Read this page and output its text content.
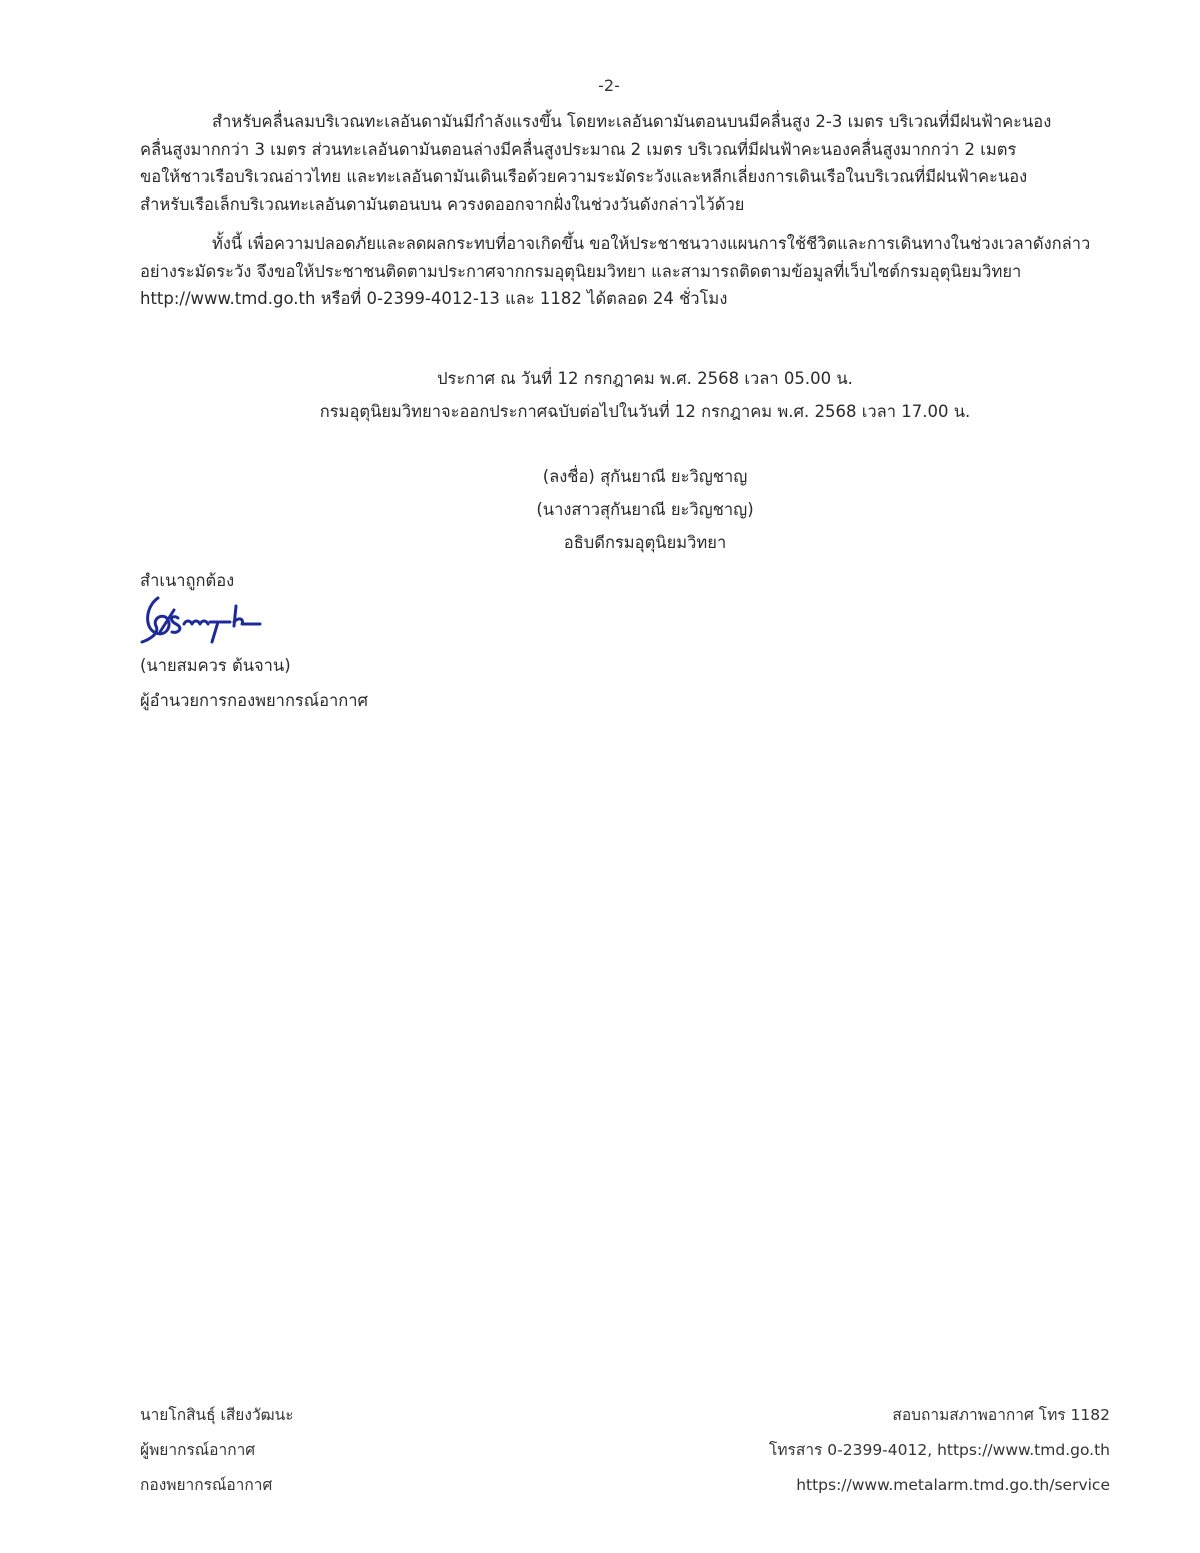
-2-
สำหรับคลื่นลมบริเวณทะเลอันดามันมีกำลังแรงขึ้น โดยทะเลอันดามันตอนบนมีคลื่นสูง 2-3 เมตร บริเวณที่มีฝนฟ้าคะนอง
คลื่นสูงมากกว่า 3 เมตร ส่วนทะเลอันดามันตอนล่างมีคลื่นสูงประมาณ 2 เมตร บริเวณที่มีฝนฟ้าคะนองคลื่นสูงมากกว่า 2 เมตร
ขอให้ชาวเรือบริเวณอ่าวไทย และทะเลอันดามันเดินเรือด้วยความระมัดระวังและหลีกเลี่ยงการเดินเรือในบริเวณที่มีฝนฟ้าคะนอง
สำหรับเรือเล็กบริเวณทะเลอันดามันตอนบน ควรงดออกจากฝั่งในช่วงวันดังกล่าวไว้ด้วย
ทั้งนี้ เพื่อความปลอดภัยและลดผลกระทบที่อาจเกิดขึ้น ขอให้ประชาชนวางแผนการใช้ชีวิตและการเดินทางในช่วงเวลาดังกล่าว
อย่างระมัดระวัง จึงขอให้ประชาชนติดตามประกาศจากกรมอุตุนิยมวิทยา และสามารถติดตามข้อมูลที่เว็บไซต์กรมอุตุนิยมวิทยา
http://www.tmd.go.th หรือที่ 0-2399-4012-13 และ 1182 ได้ตลอด 24 ชั่วโมง
ประกาศ ณ วันที่ 12 กรกฎาคม พ.ศ. 2568 เวลา 05.00 น.
กรมอุตุนิยมวิทยาจะออกประกาศฉบับต่อไปในวันที่ 12 กรกฎาคม พ.ศ. 2568 เวลา 17.00 น.
(ลงชื่อ) สุกันยาณี ยะวิญชาญ
(นางสาวสุกันยาณี ยะวิญชาญ)
อธิบดีกรมอุตุนิยมวิทยา
สำเนาถูกต้อง
(นายสมควร ต้นจาน)
ผู้อำนวยการกองพยากรณ์อากาศ
นายโกสินธุ์ เสียงวัฒนะ
ผู้พยากรณ์อากาศ
กองพยากรณ์อากาศ
สอบถามสภาพอากาศ โทร 1182
โทรสาร 0-2399-4012, https://www.tmd.go.th
https://www.metalarm.tmd.go.th/service
